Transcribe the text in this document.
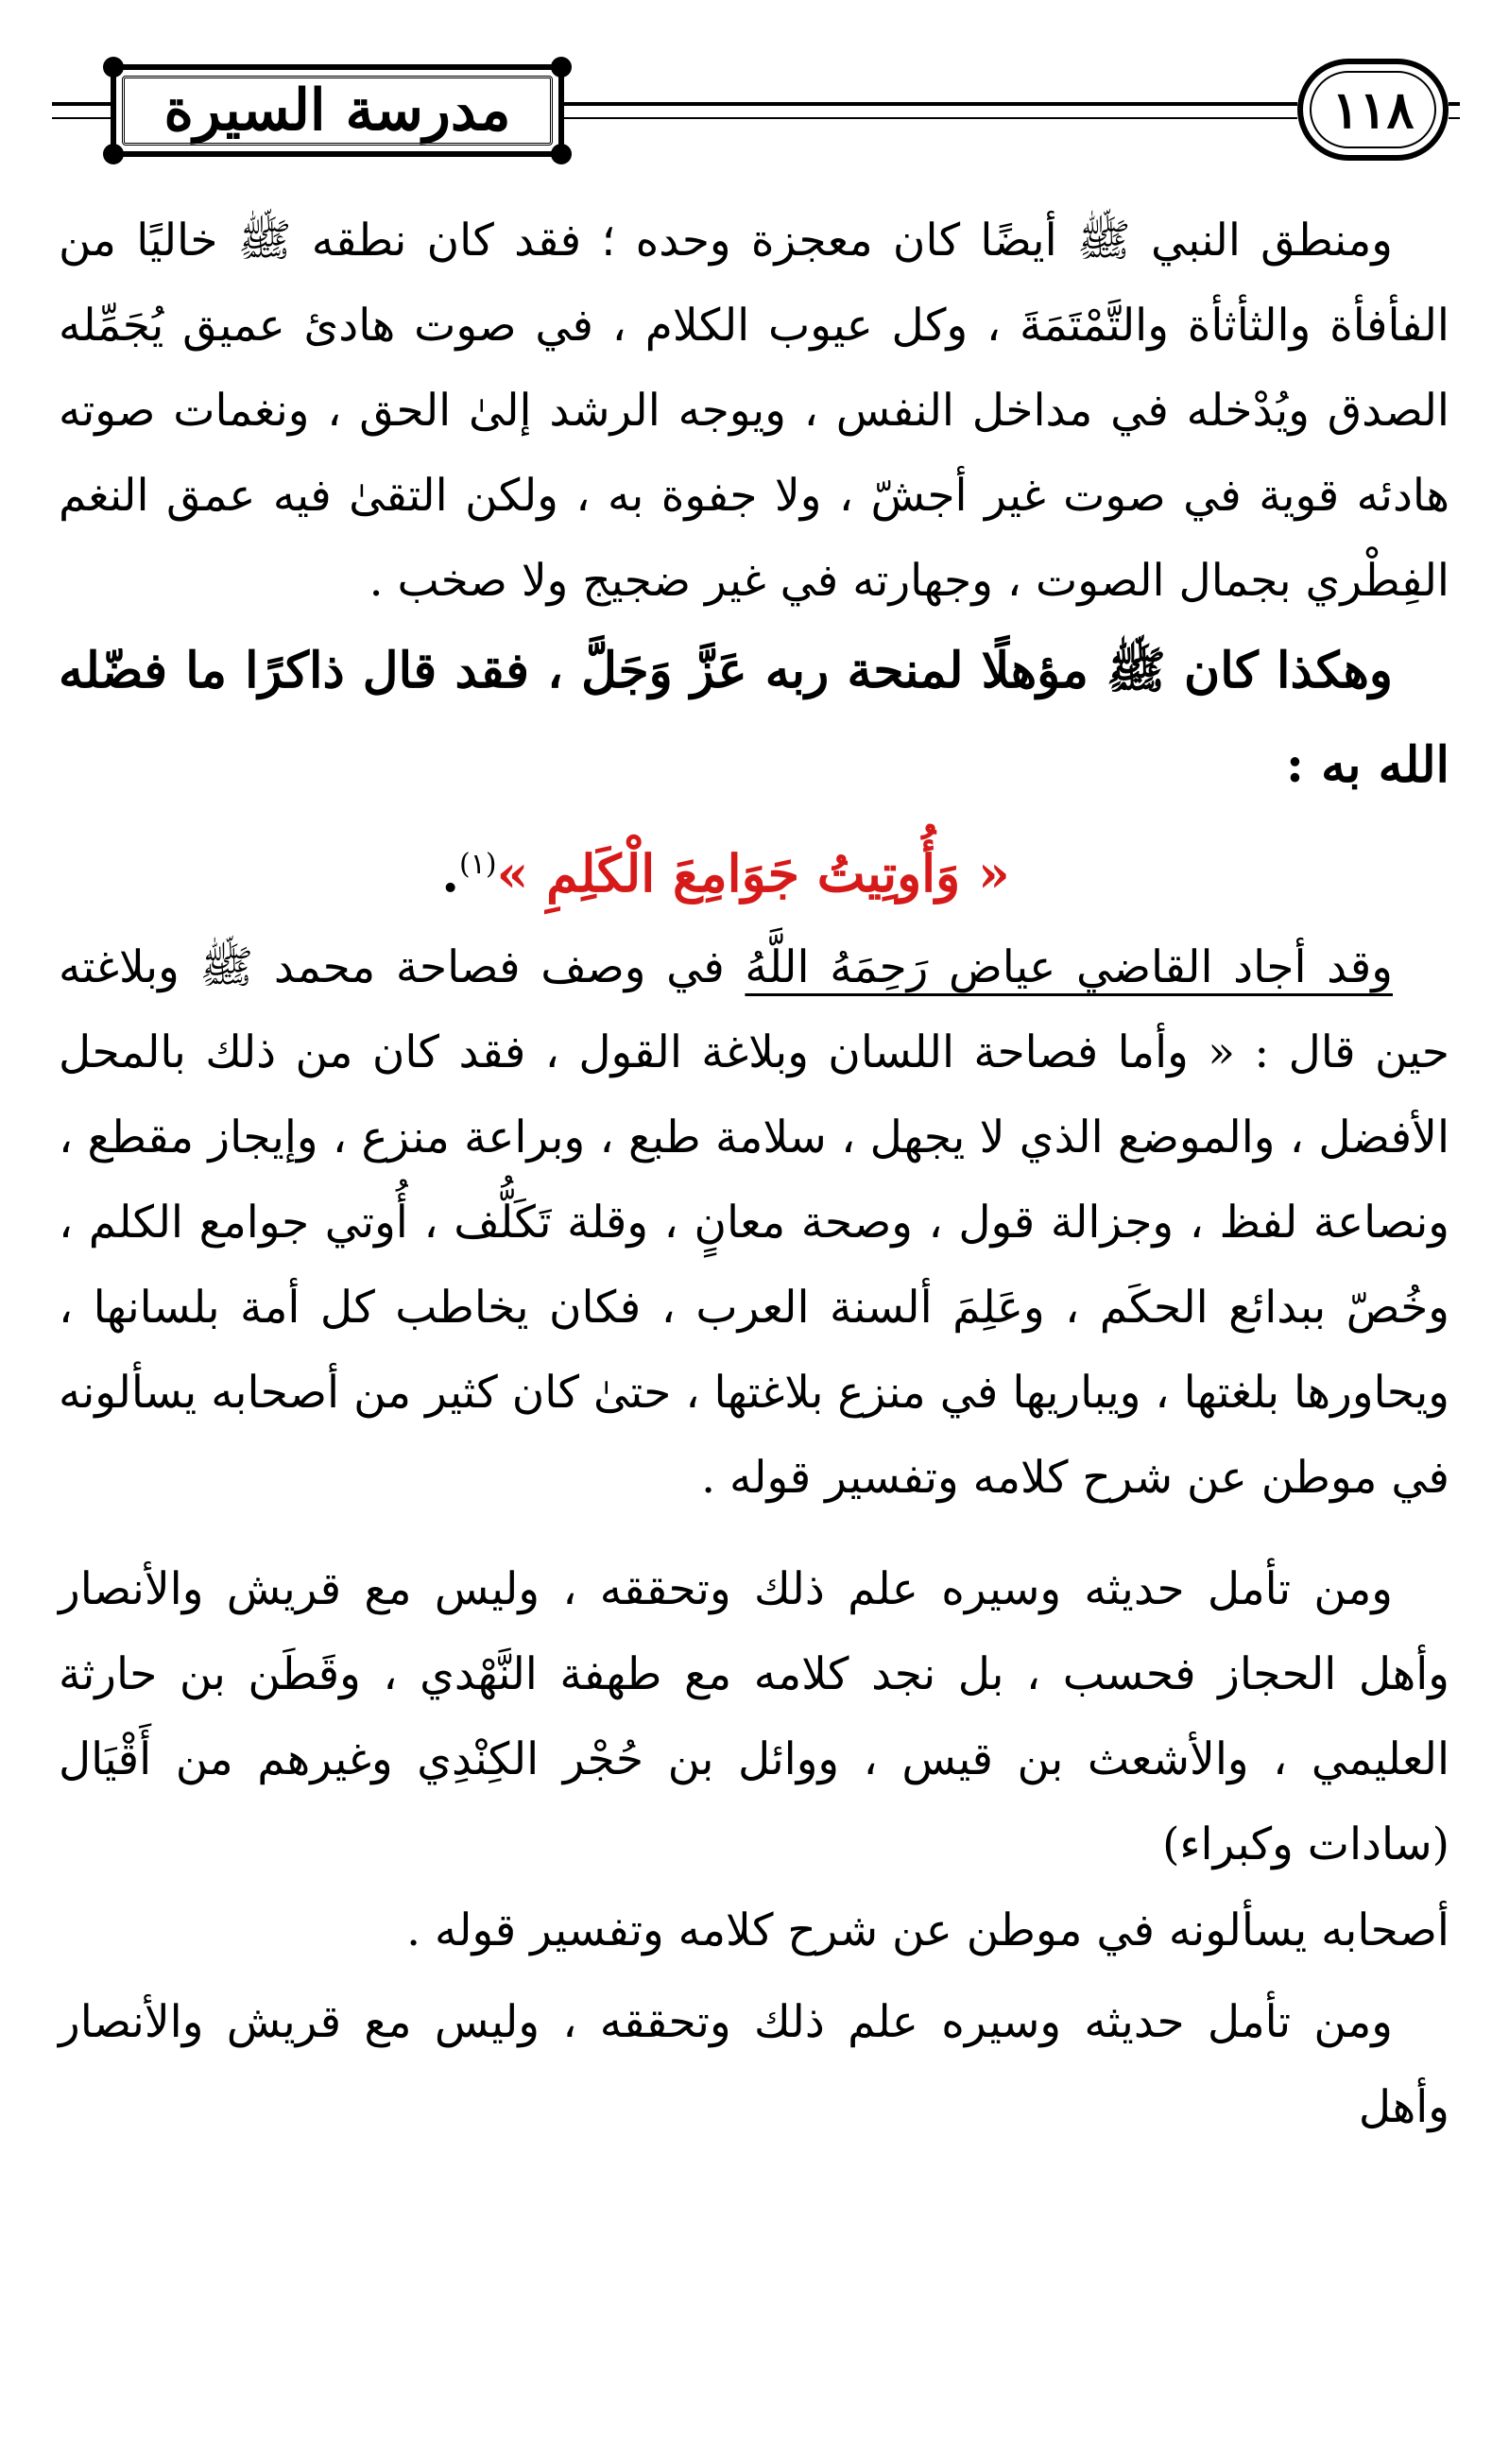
مدرسة السيرة	١١٨

ومنطق النبي ﷺ أيضًا كان معجزة وحده ؛ فقد كان نطقه ﷺ خاليًا من الفأفأة والثأثأة والتَّمْتَمَةَ ، وكل عيوب الكلام ، في صوت هادئ عميق يُجَمِّله الصدق ويُدْخله في مداخل النفس ، ويوجه الرشد إلىٰ الحق ، ونغمات صوته هادئه قوية في صوت غير أجشّ ، ولا جفوة به ، ولكن التقىٰ فيه عمق النغم الفِطْري بجمال الصوت ، وجهارته في غير ضجيج ولا صخب .

وهكذا كان ﷺ مؤهلًا لمنحة ربه عَزَّ وَجَلَّ ، فقد قال ذاكرًا ما فضّله الله به :

« وَأُوتِيتُ جَوَامِعَ الْكَلِمِ »$^{(١)}$.

وقد أجاد القاضي عياض رَحِمَهُ اللَّهُ في وصف فصاحة محمد ﷺ وبلاغته حين قال : « وأما فصاحة اللسان وبلاغة القول ، فقد كان من ذلك بالمحل الأفضل ، والموضع الذي لا يجهل ، سلامة طبع ، وبراعة منزع ، وإيجاز مقطع ، ونصاعة لفظ ، وجزالة قول ، وصحة معانٍ ، وقلة تَكَلُّف ، أُوتي جوامع الكلم ، وخُصّ ببدائع الحكَم ، وعَلِمَ ألسنة العرب ، فكان يخاطب كل أمة بلسانها ، ويحاورها بلغتها ، ويباريها في منزع بلاغتها ، حتىٰ كان كثير من أصحابه يسألونه في موطن عن شرح كلامه وتفسير قوله .

ومن تأمل حديثه وسيره علم ذلك وتحققه ، وليس مع قريش والأنصار وأهل الحجاز فحسب ، بل نجد كلامه مع طهفة النَّهْدي ، وقَطَن بن حارثة العليمي ، والأشعث بن قيس ، ووائل بن حُجْر الكِنْدِي وغيرهم من أَقْيَال (سادات وكبراء)

أصحابه يسألونه في موطن عن شرح كلامه وتفسير قوله .

ومن تأمل حديثه وسيره علم ذلك وتحققه ، وليس مع قريش والأنصار وأهل
